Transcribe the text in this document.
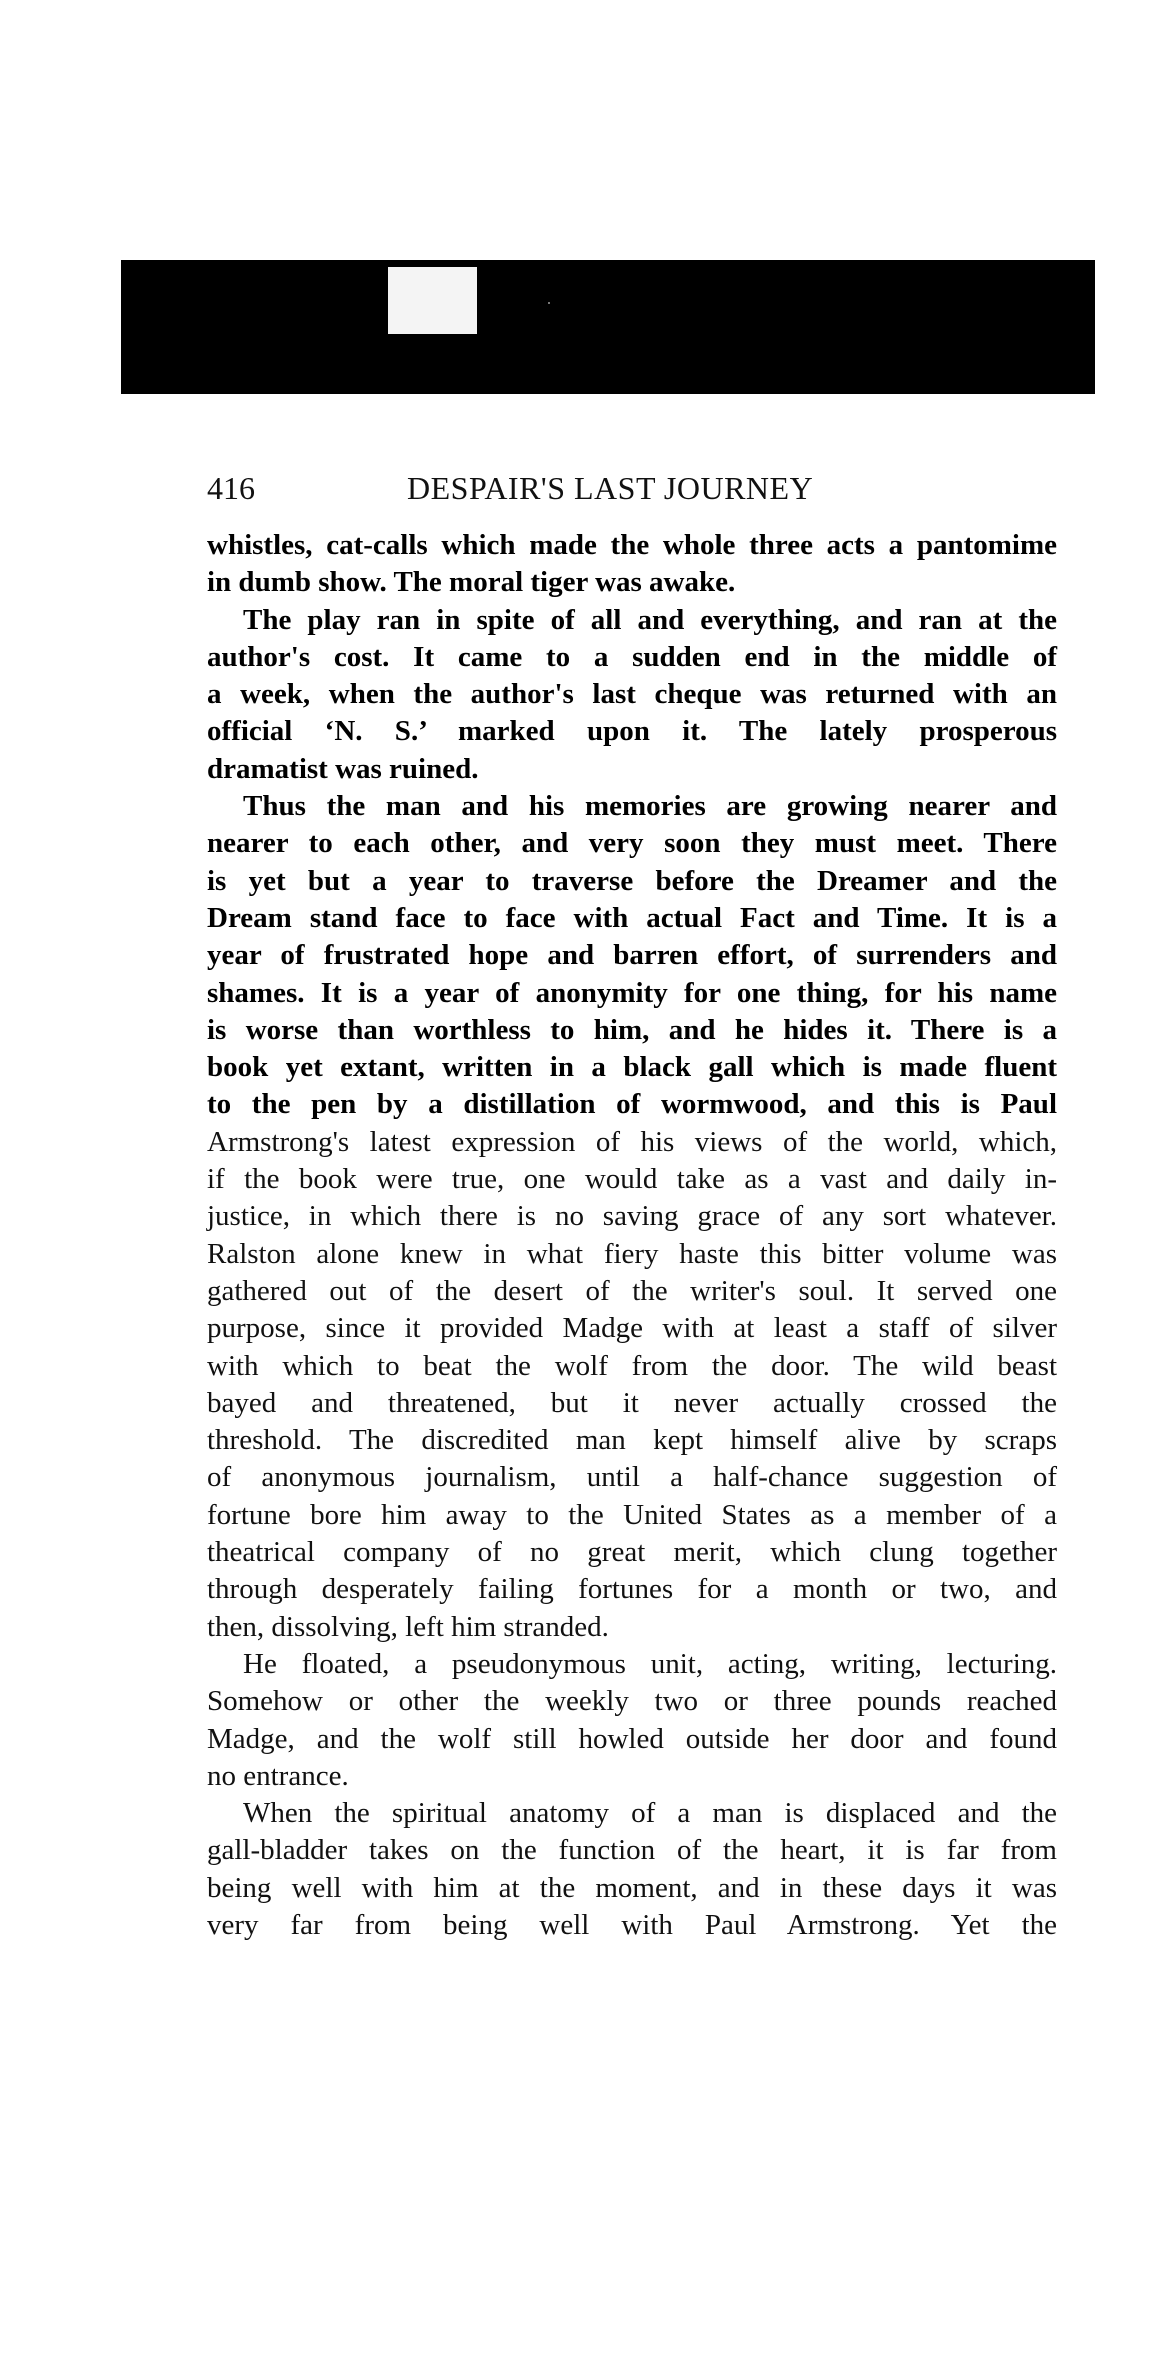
416	DESPAIR'S LAST JOURNEY
whistles, cat-calls which made the whole three acts a pantomime
in dumb show. The moral tiger was awake.
The play ran in spite of all and everything, and ran at the
author's cost. It came to a sudden end in the middle of
a week, when the author's last cheque was returned with an
official ‘N. S.’ marked upon it. The lately prosperous
dramatist was ruined.
Thus the man and his memories are growing nearer and
nearer to each other, and very soon they must meet. There
is yet but a year to traverse before the Dreamer and the
Dream stand face to face with actual Fact and Time. It is a
year of frustrated hope and barren effort, of surrenders and
shames. It is a year of anonymity for one thing, for his name
is worse than worthless to him, and he hides it. There is a
book yet extant, written in a black gall which is made fluent
to the pen by a distillation of wormwood, and this is Paul
Armstrong's latest expression of his views of the world, which,
if the book were true, one would take as a vast and daily in-
justice, in which there is no saving grace of any sort whatever.
Ralston alone knew in what fiery haste this bitter volume was
gathered out of the desert of the writer's soul. It served one
purpose, since it provided Madge with at least a staff of silver
with which to beat the wolf from the door. The wild beast
bayed and threatened, but it never actually crossed the
threshold. The discredited man kept himself alive by scraps
of anonymous journalism, until a half-chance suggestion of
fortune bore him away to the United States as a member of a
theatrical company of no great merit, which clung together
through desperately failing fortunes for a month or two, and
then, dissolving, left him stranded.
He floated, a pseudonymous unit, acting, writing, lecturing.
Somehow or other the weekly two or three pounds reached
Madge, and the wolf still howled outside her door and found
no entrance.
When the spiritual anatomy of a man is displaced and the
gall-bladder takes on the function of the heart, it is far from
being well with him at the moment, and in these days it was
very far from being well with Paul Armstrong. Yet the
